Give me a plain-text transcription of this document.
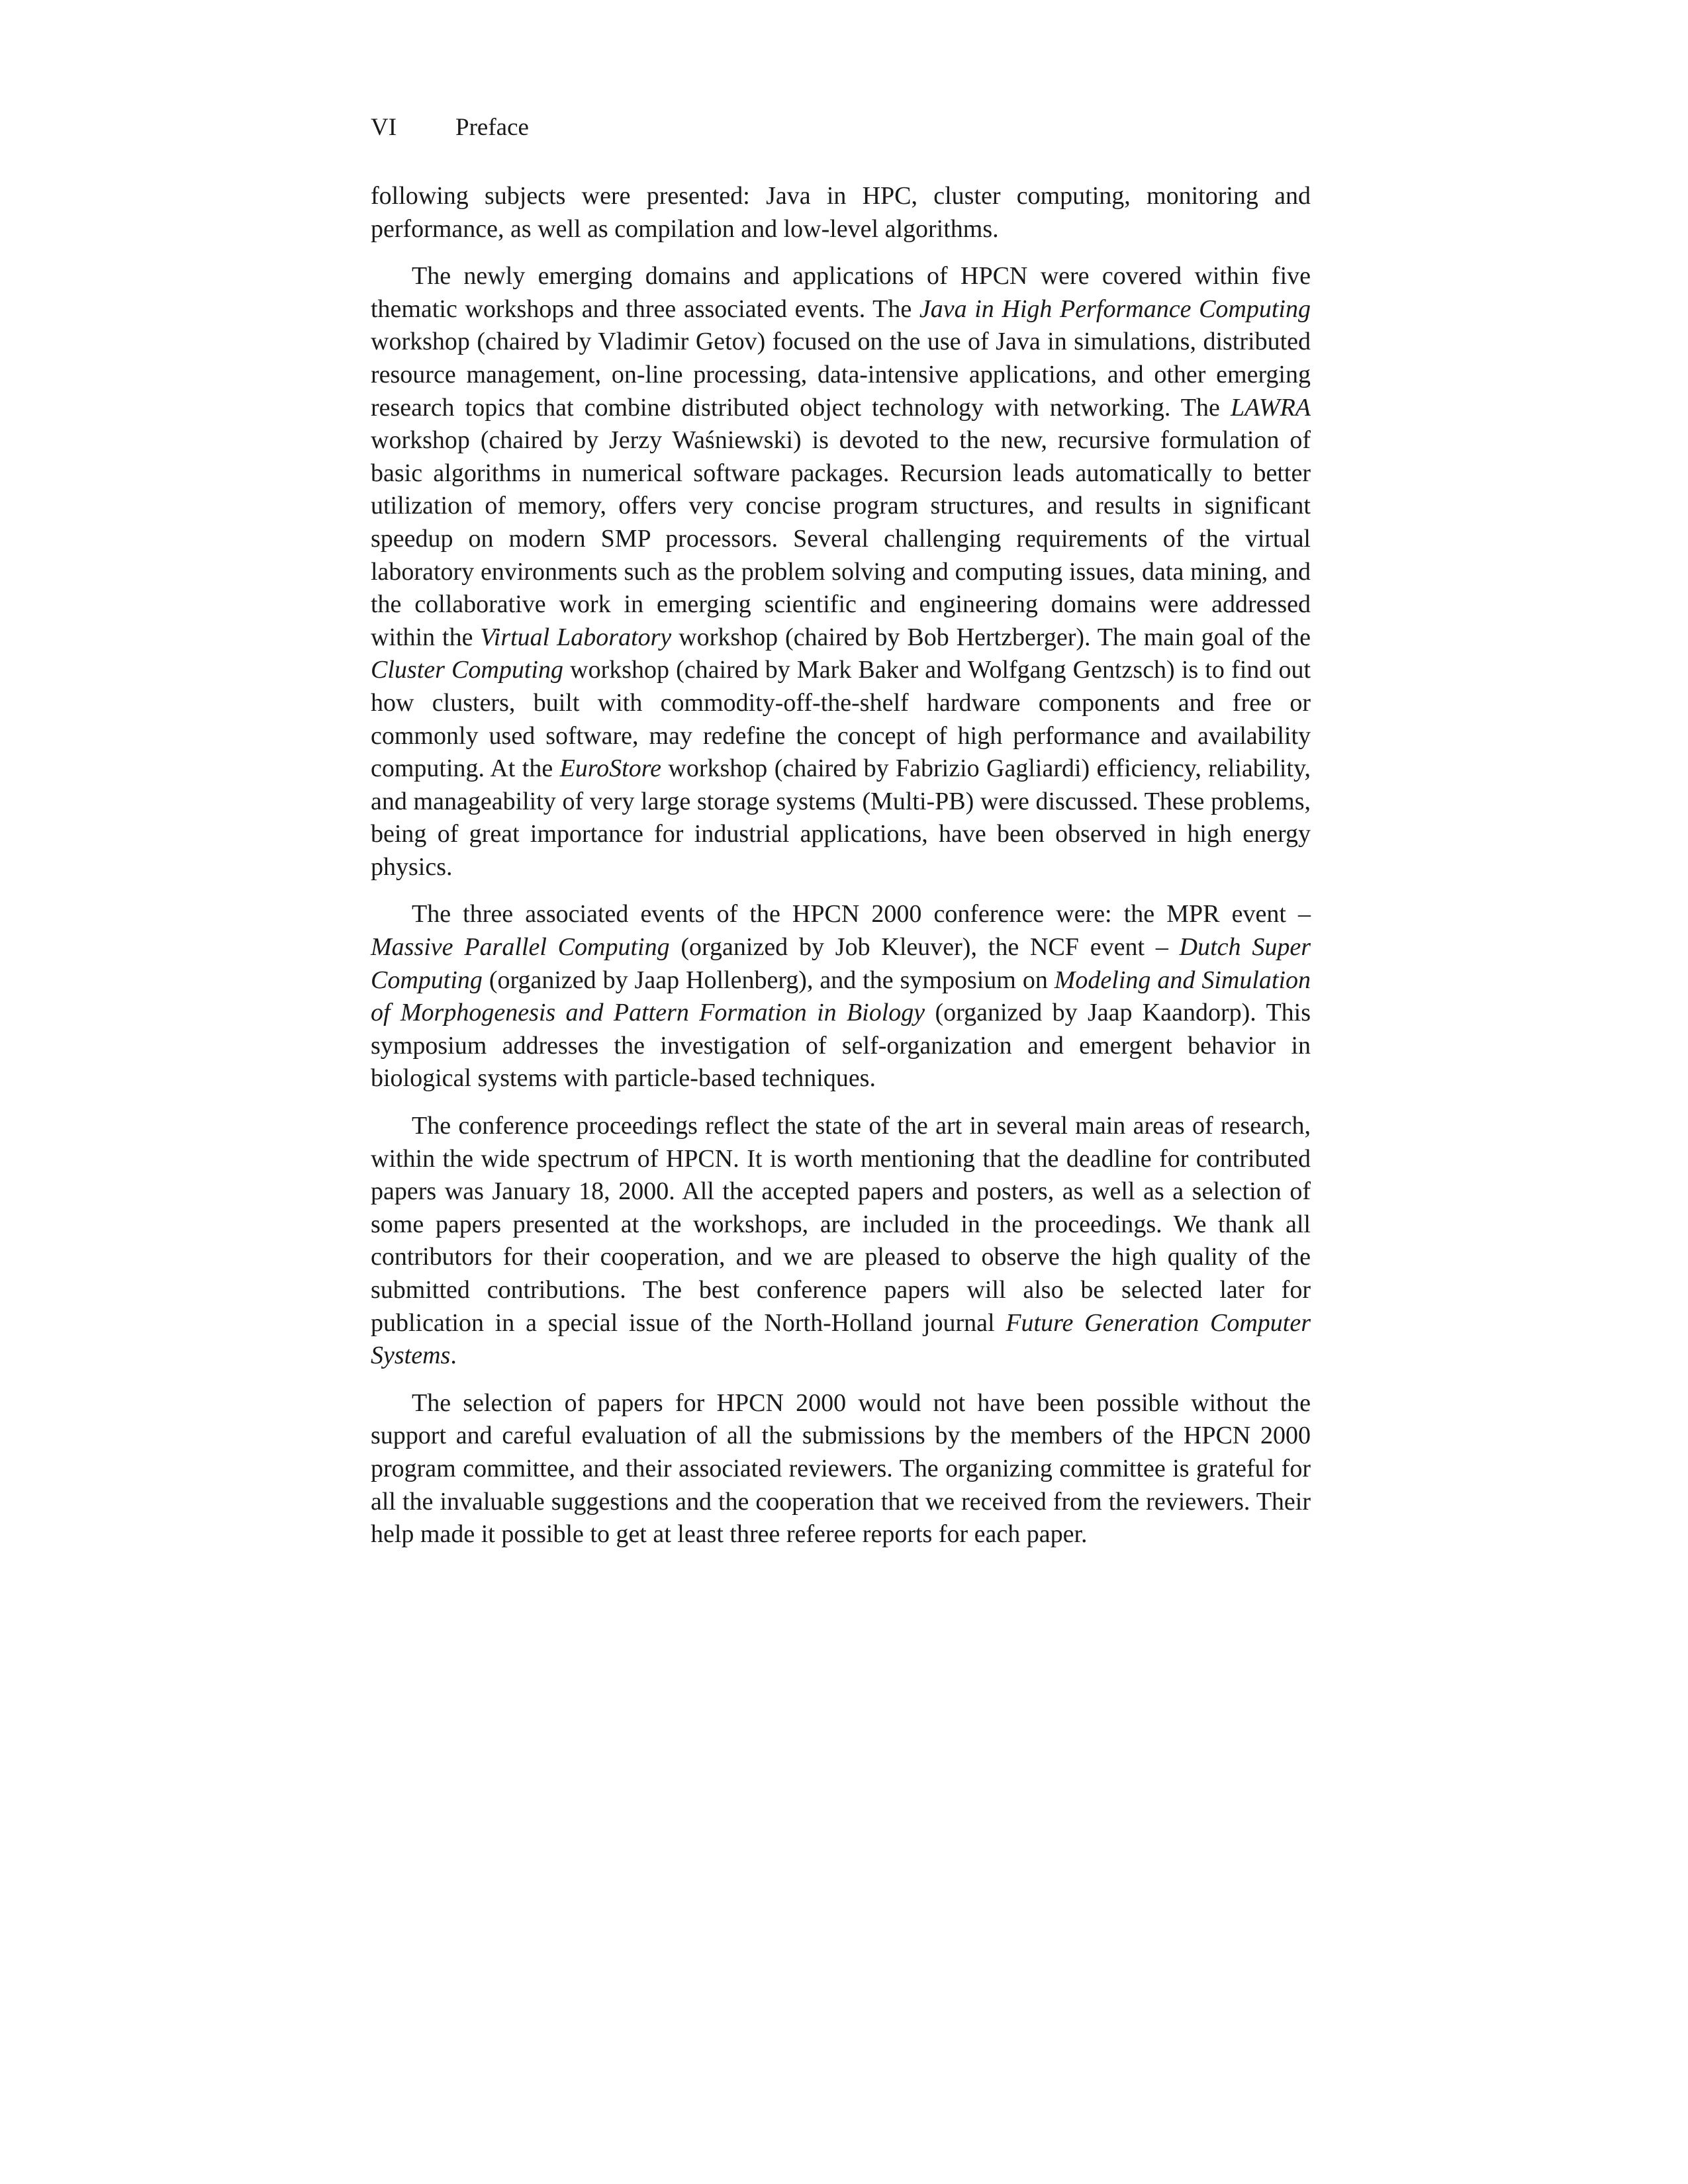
VI Preface

following subjects were presented: Java in HPC, cluster computing, monitoring and performance, as well as compilation and low-level algorithms.

The newly emerging domains and applications of HPCN were covered within five thematic workshops and three associated events. The Java in High Performance Computing workshop (chaired by Vladimir Getov) focused on the use of Java in simulations, distributed resource management, on-line processing, data-intensive applications, and other emerging research topics that combine distributed object technology with networking. The LAWRA workshop (chaired by Jerzy Waśniewski) is devoted to the new, recursive formulation of basic algorithms in numerical software packages. Recursion leads automatically to better utilization of memory, offers very concise program structures, and results in significant speedup on modern SMP processors. Several challenging requirements of the virtual laboratory environments such as the problem solving and computing issues, data mining, and the collaborative work in emerging scientific and engineering domains were addressed within the Virtual Laboratory workshop (chaired by Bob Hertzberger). The main goal of the Cluster Computing workshop (chaired by Mark Baker and Wolfgang Gentzsch) is to find out how clusters, built with commodity-off-the-shelf hardware components and free or commonly used software, may redefine the concept of high performance and availability computing. At the EuroStore workshop (chaired by Fabrizio Gagliardi) efficiency, reliability, and manageability of very large storage systems (Multi-PB) were discussed. These problems, being of great importance for industrial applications, have been observed in high energy physics.

The three associated events of the HPCN 2000 conference were: the MPR event – Massive Parallel Computing (organized by Job Kleuver), the NCF event – Dutch Super Computing (organized by Jaap Hollenberg), and the symposium on Modeling and Simulation of Morphogenesis and Pattern Formation in Biology (organized by Jaap Kaandorp). This symposium addresses the investigation of self-organization and emergent behavior in biological systems with particle-based techniques.

The conference proceedings reflect the state of the art in several main areas of research, within the wide spectrum of HPCN. It is worth mentioning that the deadline for contributed papers was January 18, 2000. All the accepted papers and posters, as well as a selection of some papers presented at the workshops, are included in the proceedings. We thank all contributors for their cooperation, and we are pleased to observe the high quality of the submitted contributions. The best conference papers will also be selected later for publication in a special issue of the North-Holland journal Future Generation Computer Systems.

The selection of papers for HPCN 2000 would not have been possible without the support and careful evaluation of all the submissions by the members of the HPCN 2000 program committee, and their associated reviewers. The organizing committee is grateful for all the invaluable suggestions and the cooperation that we received from the reviewers. Their help made it possible to get at least three referee reports for each paper.
